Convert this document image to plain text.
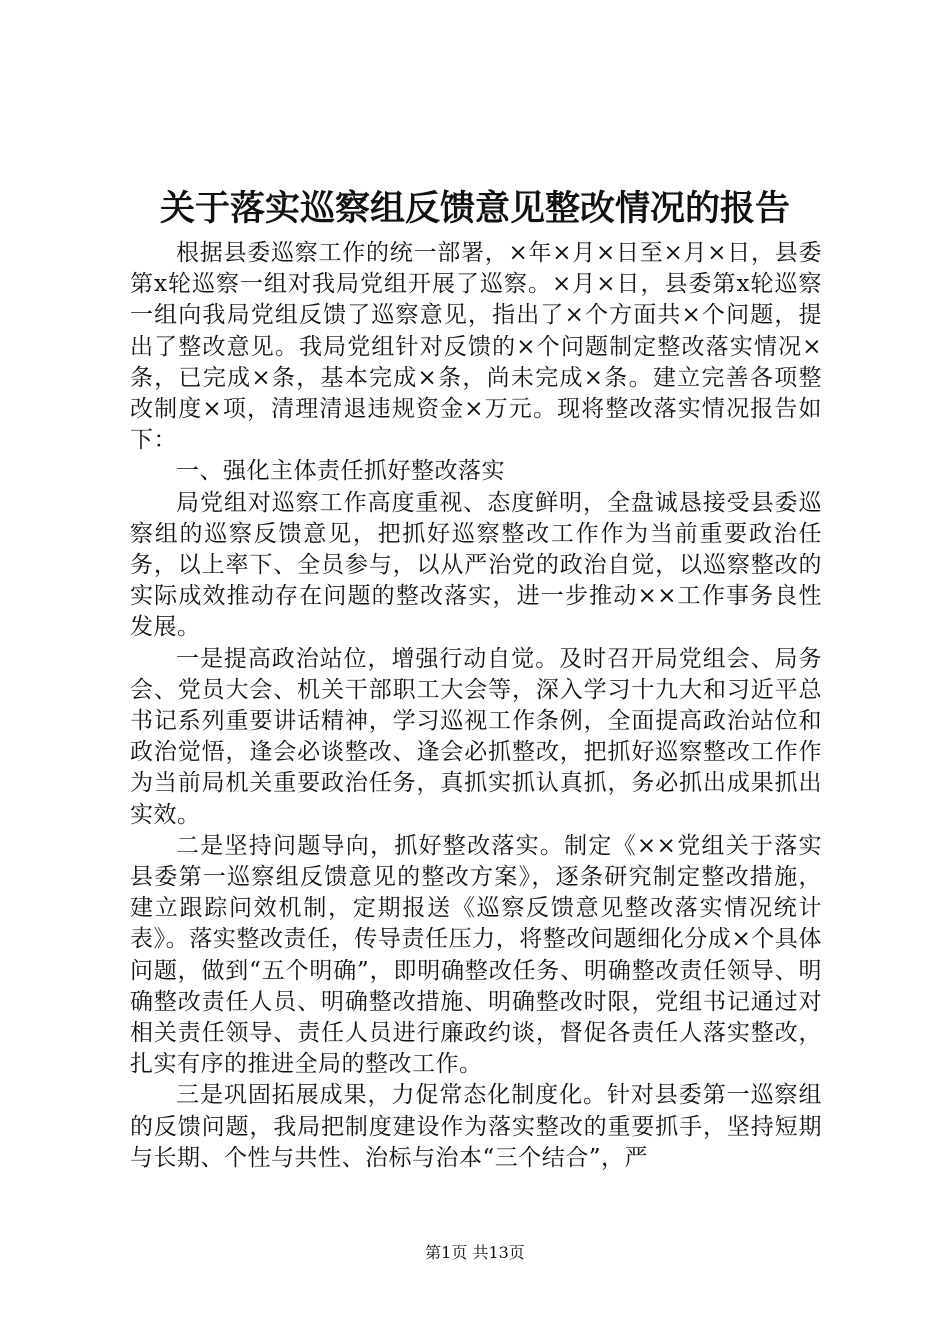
关于落实巡察组反馈意见整改情况的报告

根据县委巡察工作的统一部署，×年×月×日至×月×日，县委第x轮巡察一组对我局党组开展了巡察。×月×日，县委第x轮巡察一组向我局党组反馈了巡察意见，指出了×个方面共×个问题，提出了整改意见。我局党组针对反馈的×个问题制定整改落实情况×条，已完成×条，基本完成×条，尚未完成×条。建立完善各项整改制度×项，清理清退违规资金×万元。现将整改落实情况报告如下：

一、强化主体责任抓好整改落实

局党组对巡察工作高度重视、态度鲜明，全盘诚恳接受县委巡察组的巡察反馈意见，把抓好巡察整改工作作为当前重要政治任务，以上率下、全员参与，以从严治党的政治自觉，以巡察整改的实际成效推动存在问题的整改落实，进一步推动××工作事务良性发展。

一是提高政治站位，增强行动自觉。及时召开局党组会、局务会、党员大会、机关干部职工大会等，深入学习十九大和习近平总书记系列重要讲话精神，学习巡视工作条例，全面提高政治站位和政治觉悟，逢会必谈整改、逢会必抓整改，把抓好巡察整改工作作为当前局机关重要政治任务，真抓实抓认真抓，务必抓出成果抓出实效。

二是坚持问题导向，抓好整改落实。制定《××党组关于落实县委第一巡察组反馈意见的整改方案》，逐条研究制定整改措施，建立跟踪问效机制，定期报送《巡察反馈意见整改落实情况统计表》。落实整改责任，传导责任压力，将整改问题细化分成×个具体问题，做到“五个明确”，即明确整改任务、明确整改责任领导、明确整改责任人员、明确整改措施、明确整改时限，党组书记通过对相关责任领导、责任人员进行廉政约谈，督促各责任人落实整改，扎实有序的推进全局的整改工作。

三是巩固拓展成果，力促常态化制度化。针对县委第一巡察组的反馈问题，我局把制度建设作为落实整改的重要抓手，坚持短期与长期、个性与共性、治标与治本“三个结合”，严

第1页 共13页
